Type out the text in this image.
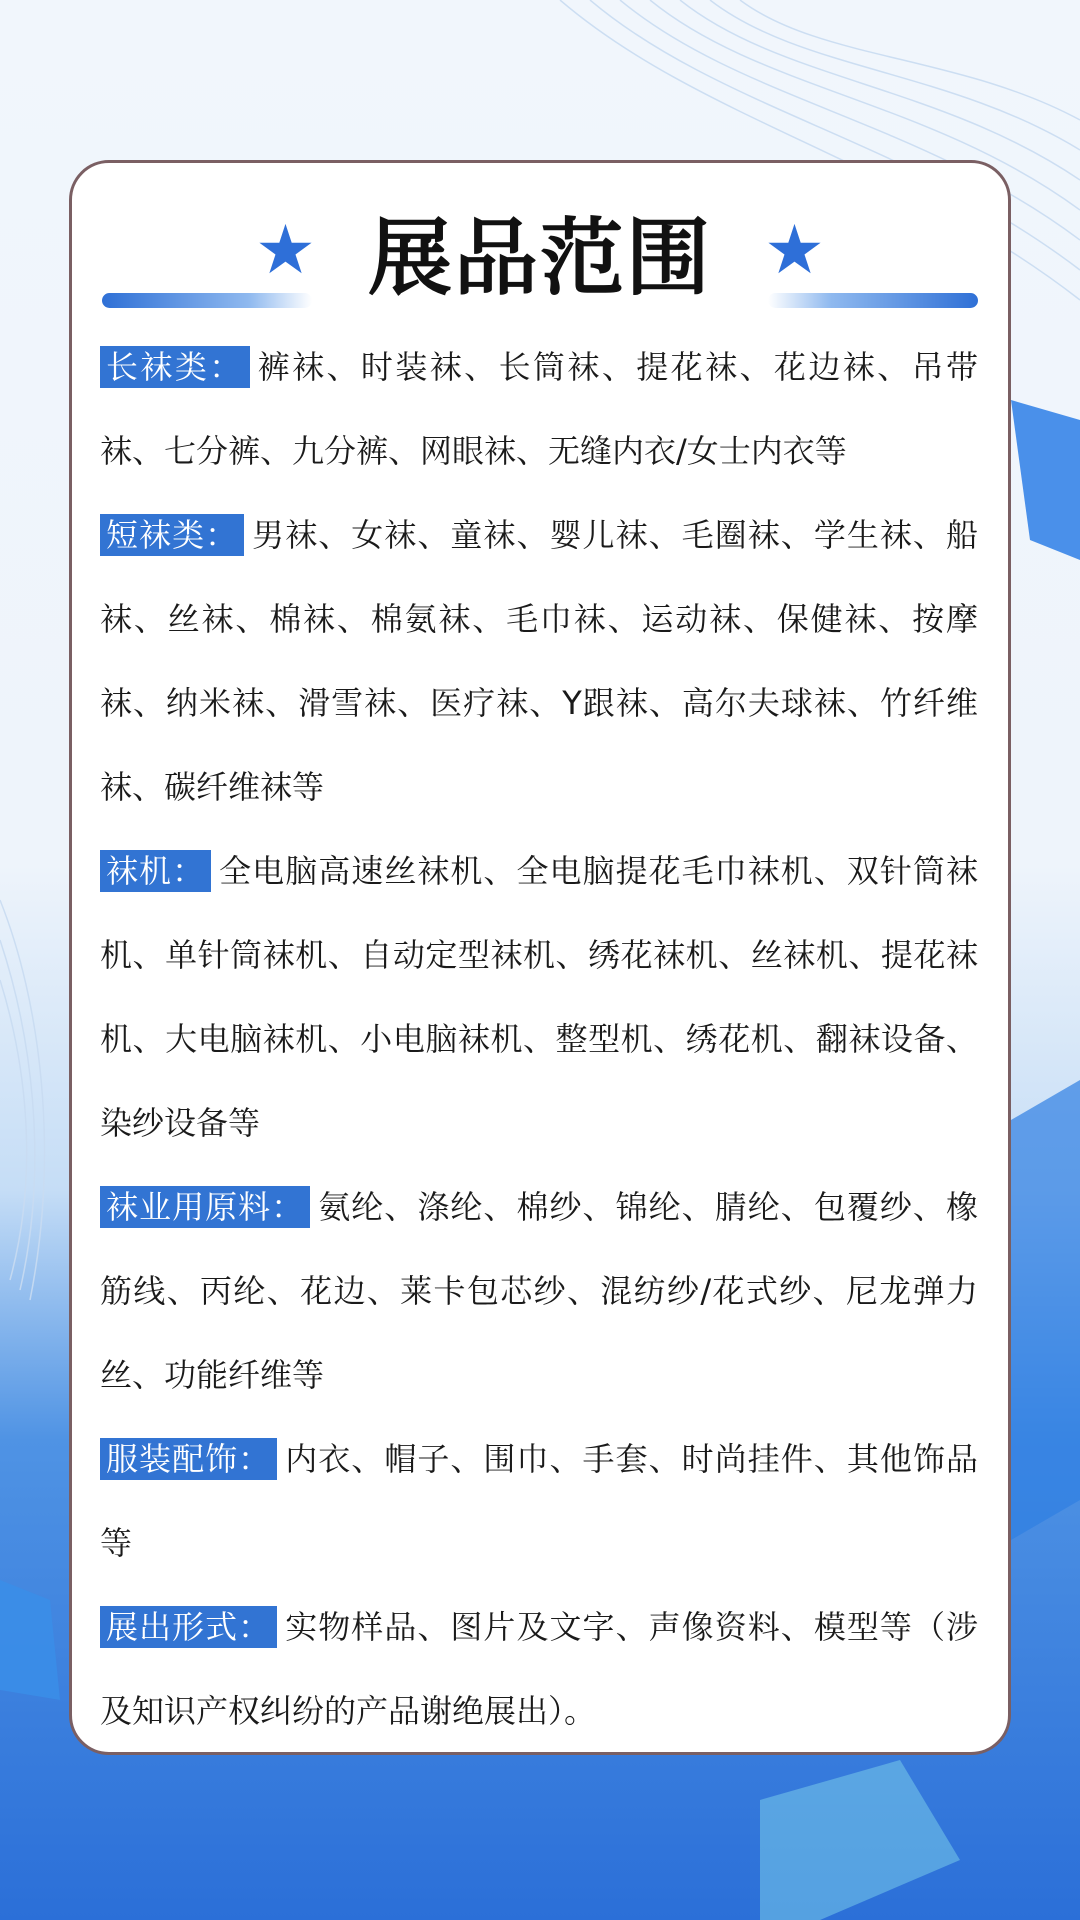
★ 展品范围 ★

长袜类： 裤袜、时装袜、长筒袜、提花袜、花边袜、吊带袜、七分裤、九分裤、网眼袜、无缝内衣/女士内衣等

短袜类： 男袜、女袜、童袜、婴儿袜、毛圈袜、学生袜、船袜、丝袜、棉袜、棉氨袜、毛巾袜、运动袜、保健袜、按摩袜、纳米袜、滑雪袜、医疗袜、Y跟袜、高尔夫球袜、竹纤维袜、碳纤维袜等

袜机： 全电脑高速丝袜机、全电脑提花毛巾袜机、双针筒袜机、单针筒袜机、自动定型袜机、绣花袜机、丝袜机、提花袜机、大电脑袜机、小电脑袜机、整型机、绣花机、翻袜设备、染纱设备等

袜业用原料： 氨纶、涤纶、棉纱、锦纶、腈纶、包覆纱、橡筋线、丙纶、花边、莱卡包芯纱、混纺纱/花式纱、尼龙弹力丝、功能纤维等

服装配饰： 内衣、帽子、围巾、手套、时尚挂件、其他饰品等

展出形式： 实物样品、图片及文字、声像资料、模型等（涉及知识产权纠纷的产品谢绝展出）。
